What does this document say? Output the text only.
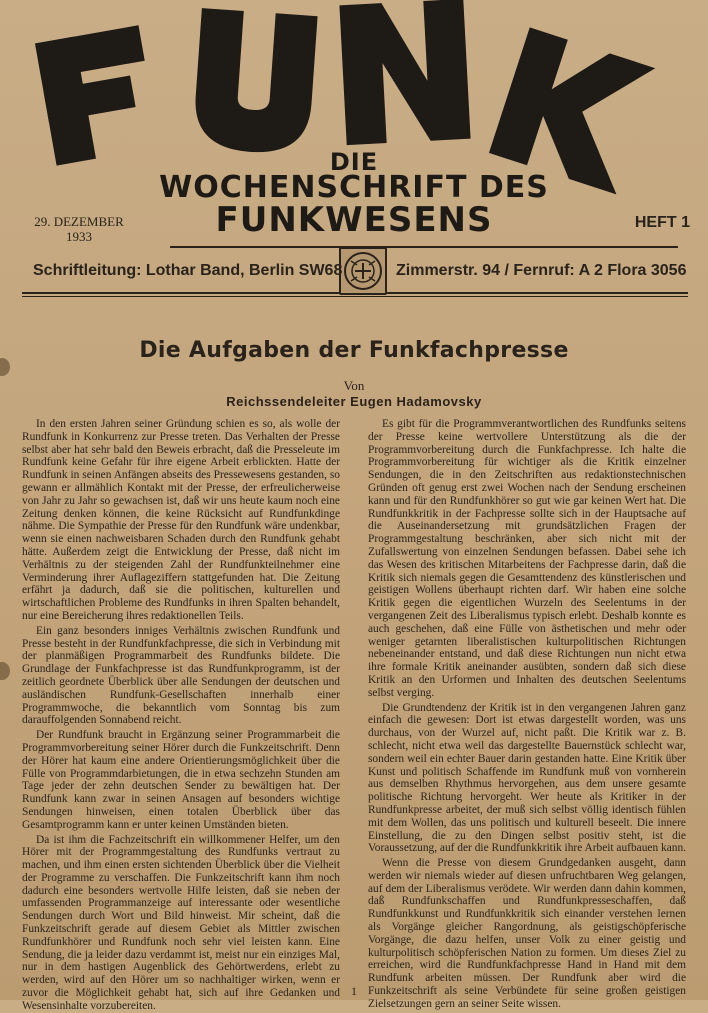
DIE
WOCHENSCHRIFT DES
FUNKWESENS
29. DEZEMBER
1933
HEFT 1
Schriftleitung: Lothar Band, Berlin SW68	Zimmerstr. 94 / Fernruf: A 2 Flora 3056
Die Aufgaben der Funkfachpresse
Von
Reichssendeleiter Eugen Hadamovsky

In den ersten Jahren seiner Gründung schien es so, als wolle der Rundfunk in Konkurrenz zur Presse treten. Das Verhalten der Presse selbst aber hat sehr bald den Beweis erbracht, daß die Presseleute im Rundfunk keine Gefahr für ihre eigene Arbeit erblickten. Hatte der Rundfunk in seinen Anfängen abseits des Pressewesens gestanden, so gewann er allmählich Kontakt mit der Presse, der erfreulicherweise von Jahr zu Jahr so gewachsen ist, daß wir uns heute kaum noch eine Zeitung denken können, die keine Rücksicht auf Rundfunkdinge nähme. Die Sympathie der Presse für den Rundfunk wäre undenkbar, wenn sie einen nachweisbaren Schaden durch den Rundfunk gehabt hätte. Außerdem zeigt die Entwicklung der Presse, daß nicht im Verhältnis zu der steigenden Zahl der Rundfunkteilnehmer eine Verminderung ihrer Auflageziffern stattgefunden hat. Die Zeitung erfährt ja dadurch, daß sie die politischen, kulturellen und wirtschaftlichen Probleme des Rundfunks in ihren Spalten behandelt, nur eine Bereicherung ihres redaktionellen Teils.

Ein ganz besonders inniges Verhältnis zwischen Rundfunk und Presse besteht in der Rundfunkfachpresse, die sich in Verbindung mit der planmäßigen Programmarbeit des Rundfunks bildete. Die Grundlage der Funkfachpresse ist das Rundfunkprogramm, ist der zeitlich geordnete Überblick über alle Sendungen der deutschen und ausländischen Rundfunk-Gesellschaften innerhalb einer Programmwoche, die bekanntlich vom Sonntag bis zum darauffolgenden Sonnabend reicht.

Der Rundfunk braucht in Ergänzung seiner Programmarbeit die Programmvorbereitung seiner Hörer durch die Funkzeitschrift. Denn der Hörer hat kaum eine andere Orientierungsmöglichkeit über die Fülle von Programmdarbietungen, die in etwa sechzehn Stunden am Tage jeder der zehn deutschen Sender zu bewältigen hat. Der Rundfunk kann zwar in seinen Ansagen auf besonders wichtige Sendungen hinweisen, einen totalen Überblick über das Gesamtprogramm kann er unter keinen Umständen bieten.

Da ist ihm die Fachzeitschrift ein willkommener Helfer, um den Hörer mit der Programmgestaltung des Rundfunks vertraut zu machen, und ihm einen ersten sichtenden Überblick über die Vielheit der Programme zu verschaffen. Die Funkzeitschrift kann ihm noch dadurch eine besonders wertvolle Hilfe leisten, daß sie neben der umfassenden Programmanzeige auf interessante oder wesentliche Sendungen durch Wort und Bild hinweist. Mir scheint, daß die Funkzeitschrift gerade auf diesem Gebiet als Mittler zwischen Rundfunkhörer und Rundfunk noch sehr viel leisten kann. Eine Sendung, die ja leider dazu verdammt ist, meist nur ein einziges Mal, nur in dem hastigen Augenblick des Gehörtwerdens, erlebt zu werden, wird auf den Hörer um so nachhaltiger wirken, wenn er zuvor die Möglichkeit gehabt hat, sich auf ihre Gedanken und Wesensinhalte vorzubereiten.

Es gibt für die Programmverantwortlichen des Rundfunks seitens der Presse keine wertvollere Unterstützung als die der Programmvorbereitung durch die Funkfachpresse. Ich halte die Programmvorbereitung für wichtiger als die Kritik einzelner Sendungen, die in den Zeitschriften aus redaktionstechnischen Gründen oft genug erst zwei Wochen nach der Sendung erscheinen kann und für den Rundfunkhörer so gut wie gar keinen Wert hat. Die Rundfunkkritik in der Fachpresse sollte sich in der Hauptsache auf die Auseinandersetzung mit grundsätzlichen Fragen der Programmgestaltung beschränken, aber sich nicht mit der Zufallswertung von einzelnen Sendungen befassen. Dabei sehe ich das Wesen des kritischen Mitarbeitens der Fachpresse darin, daß die Kritik sich niemals gegen die Gesamttendenz des künstlerischen und geistigen Wollens überhaupt richten darf. Wir haben eine solche Kritik gegen die eigentlichen Wurzeln des Seelentums in der vergangenen Zeit des Liberalismus typisch erlebt. Deshalb konnte es auch geschehen, daß eine Fülle von ästhetischen und mehr oder weniger getarnten liberalistischen kulturpolitischen Richtungen nebeneinander entstand, und daß diese Richtungen nun nicht etwa ihre formale Kritik aneinander ausübten, sondern daß sich diese Kritik an den Urformen und Inhalten des deutschen Seelentums selbst verging.

Die Grundtendenz der Kritik ist in den vergangenen Jahren ganz einfach die gewesen: Dort ist etwas dargestellt worden, was uns durchaus, von der Wurzel auf, nicht paßt. Die Kritik war z. B. schlecht, nicht etwa weil das dargestellte Bauernstück schlecht war, sondern weil ein echter Bauer darin gestanden hatte. Eine Kritik über Kunst und politisch Schaffende im Rundfunk muß von vornherein aus demselben Rhythmus hervorgehen, aus dem unsere gesamte politische Richtung hervorgeht. Wer heute als Kritiker in der Rundfunkpresse arbeitet, der muß sich selbst völlig identisch fühlen mit dem Wollen, das uns politisch und kulturell beseelt. Die innere Einstellung, die zu den Dingen selbst positiv steht, ist die Voraussetzung, auf der die Rundfunkkritik ihre Arbeit aufbauen kann.

Wenn die Presse von diesem Grundgedanken ausgeht, dann werden wir niemals wieder auf diesen unfruchtbaren Weg gelangen, auf dem der Liberalismus verödete. Wir werden dann dahin kommen, daß Rundfunkschaffen und Rundfunkpresseschaffen, daß Rundfunkkunst und Rundfunkkritik sich einander verstehen lernen als Vorgänge gleicher Rangordnung, als geistigschöpferische Vorgänge, die dazu helfen, unser Volk zu einer geistig und kulturpolitisch schöpferischen Nation zu formen. Um dieses Ziel zu erreichen, wird die Rundfunkfachpresse Hand in Hand mit dem Rundfunk arbeiten müssen. Der Rundfunk aber wird die Funkzeitschrift als seine Verbündete für seine großen geistigen Zielsetzungen gern an seiner Seite wissen.

1
